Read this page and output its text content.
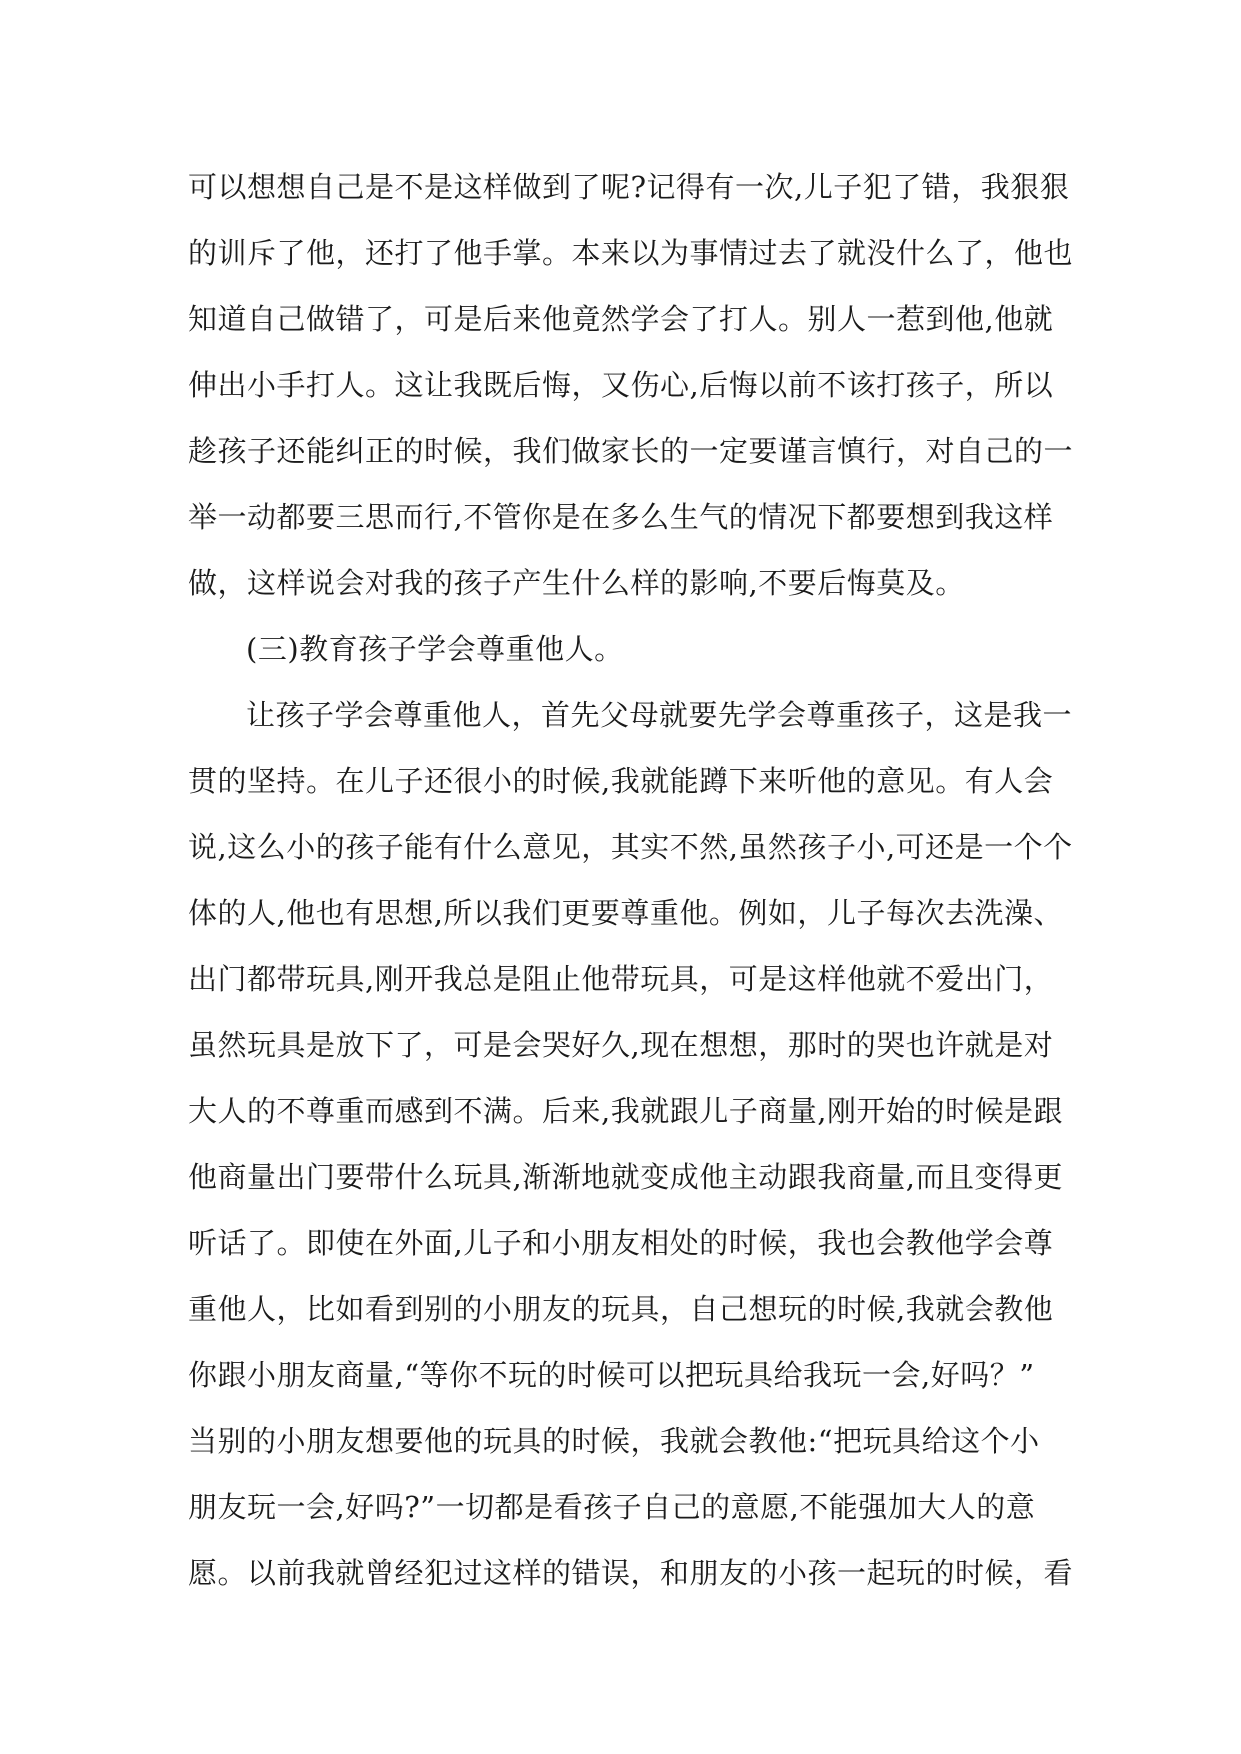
可以想想自己是不是这样做到了呢?记得有一次,儿子犯了错，我狠狠
的训斥了他，还打了他手掌。本来以为事情过去了就没什么了，他也
知道自己做错了，可是后来他竟然学会了打人。别人一惹到他,他就
伸出小手打人。这让我既后悔，又伤心,后悔以前不该打孩子，所以
趁孩子还能纠正的时候，我们做家长的一定要谨言慎行，对自己的一
举一动都要三思而行,不管你是在多么生气的情况下都要想到我这样
做，这样说会对我的孩子产生什么样的影响,不要后悔莫及。
(三)教育孩子学会尊重他人。
让孩子学会尊重他人，首先父母就要先学会尊重孩子，这是我一
贯的坚持。在儿子还很小的时候,我就能蹲下来听他的意见。有人会
说,这么小的孩子能有什么意见，其实不然,虽然孩子小,可还是一个个
体的人,他也有思想,所以我们更要尊重他。例如，儿子每次去洗澡、
出门都带玩具,刚开我总是阻止他带玩具，可是这样他就不爱出门，
虽然玩具是放下了，可是会哭好久,现在想想，那时的哭也许就是对
大人的不尊重而感到不满。后来,我就跟儿子商量,刚开始的时候是跟
他商量出门要带什么玩具,渐渐地就变成他主动跟我商量,而且变得更
听话了。即使在外面,儿子和小朋友相处的时候，我也会教他学会尊
重他人，比如看到别的小朋友的玩具，自己想玩的时候,我就会教他
你跟小朋友商量,“等你不玩的时候可以把玩具给我玩一会,好吗？”
当别的小朋友想要他的玩具的时候，我就会教他:“把玩具给这个小
朋友玩一会,好吗?”一切都是看孩子自己的意愿,不能强加大人的意
愿。以前我就曾经犯过这样的错误，和朋友的小孩一起玩的时候，看
